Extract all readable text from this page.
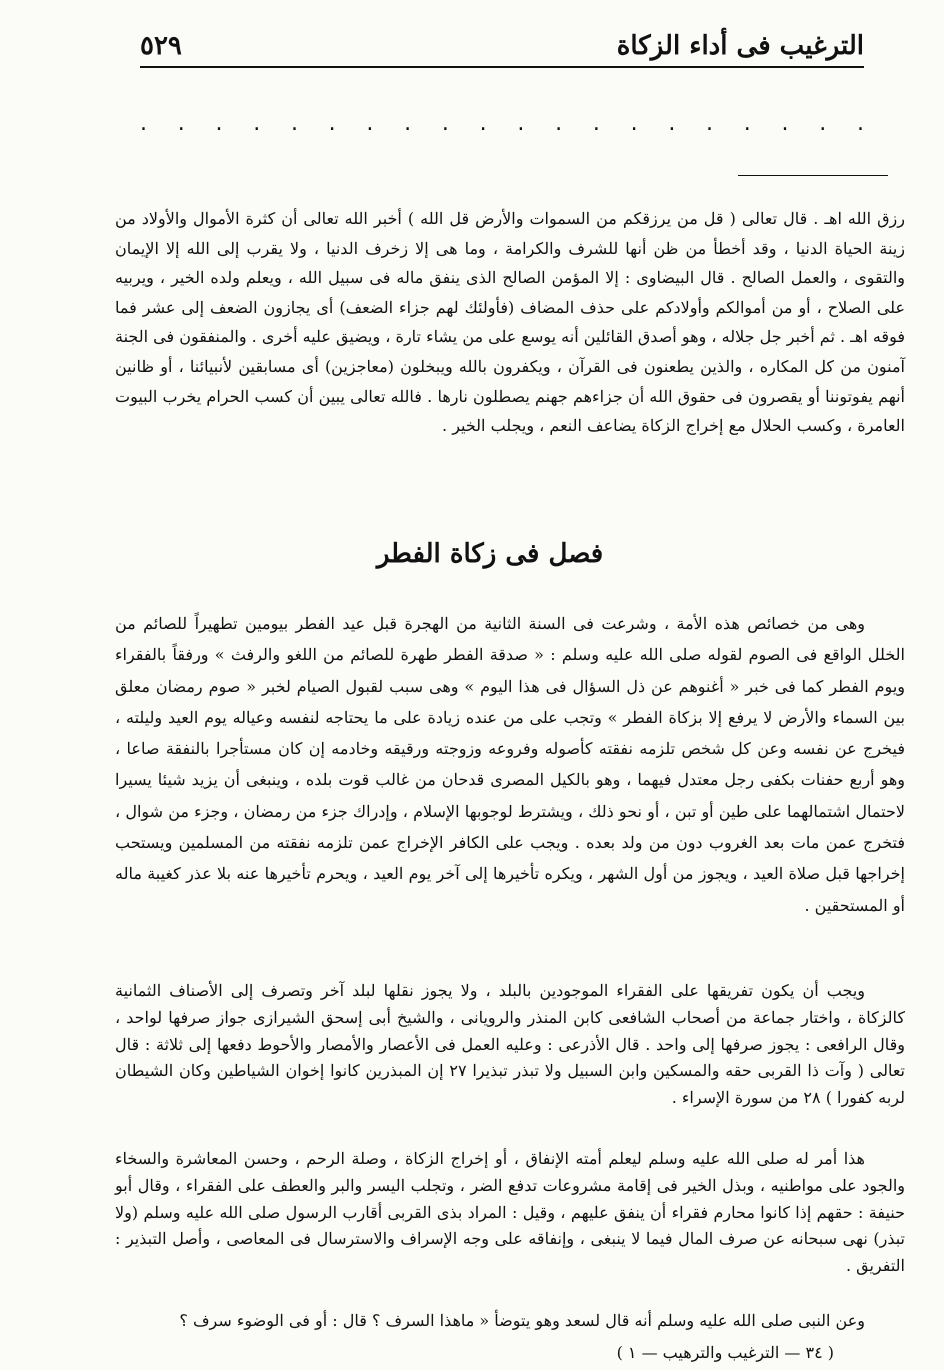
الترغيب فى أداء الزكاة
٥٢٩
. . . . . . . . . . . . . . . . . . . .

رزق الله اهـ . قال تعالى ( قل من يرزقكم من السموات والأرض قل الله ) أخبر الله تعالى أن كثرة الأموال والأولاد من زينة الحياة الدنيا ، وقد أخطأ من ظن أنها للشرف والكرامة ، وما هى إلا زخرف الدنيا ، ولا يقرب إلى الله إلا الإيمان والتقوى ، والعمل الصالح . قال البيضاوى : إلا المؤمن الصالح الذى ينفق ماله فى سبيل الله ، ويعلم ولده الخير ، ويربيه على الصلاح ، أو من أموالكم وأولادكم على حذف المضاف (فأولئك لهم جزاء الضعف) أى يجازون الضعف إلى عشر فما فوقه اهـ . ثم أخبر جل جلاله ، وهو أصدق القائلين أنه يوسع على من يشاء تارة ، ويضيق عليه أخرى . والمنفقون فى الجنة آمنون من كل المكاره ، والذين يطعنون فى القرآن ، ويكفرون بالله ويبخلون (معاجزين) أى مسابقين لأنبيائنا ، أو ظانين أنهم يفوتوننا أو يقصرون فى حقوق الله أن جزاءهم جهنم يصطلون نارها . فالله تعالى يبين أن كسب الحرام يخرب البيوت العامرة ، وكسب الحلال مع إخراج الزكاة يضاعف النعم ، ويجلب الخير .

فصل فى زكاة الفطر

وهى من خصائص هذه الأمة ، وشرعت فى السنة الثانية من الهجرة قبل عيد الفطر بيومين تطهيراً للصائم من الخلل الواقع فى الصوم لقوله صلى الله عليه وسلم : « صدقة الفطر طهرة للصائم من اللغو والرفث » ورفقاً بالفقراء ويوم الفطر كما فى خبر « أغنوهم عن ذل السؤال فى هذا اليوم » وهى سبب لقبول الصيام لخبر « صوم رمضان معلق بين السماء والأرض لا يرفع إلا بزكاة الفطر » وتجب على من عنده زيادة على ما يحتاجه لنفسه وعياله يوم العيد وليلته ، فيخرج عن نفسه وعن كل شخص تلزمه نفقته كأصوله وفروعه وزوجته ورقيقه وخادمه إن كان مستأجرا بالنفقة صاعا ، وهو أربع حفنات بكفى رجل معتدل فيهما ، وهو بالكيل المصرى قدحان من غالب قوت بلده ، وينبغى أن يزيد شيئا يسيرا لاحتمال اشتمالهما على طين أو تبن ، أو نحو ذلك ، ويشترط لوجوبها الإسلام ، وإدراك جزء من رمضان ، وجزء من شوال ، فتخرج عمن مات بعد الغروب دون من ولد بعده . ويجب على الكافر الإخراج عمن تلزمه نفقته من المسلمين ويستحب إخراجها قبل صلاة العيد ، ويجوز من أول الشهر ، ويكره تأخيرها إلى آخر يوم العيد ، ويحرم تأخيرها عنه بلا عذر كغيبة ماله أو المستحقين .

ويجب أن يكون تفريقها على الفقراء الموجودين بالبلد ، ولا يجوز نقلها لبلد آخر وتصرف إلى الأصناف الثمانية كالزكاة ، واختار جماعة من أصحاب الشافعى كابن المنذر والرويانى ، والشيخ أبى إسحق الشيرازى جواز صرفها لواحد ، وقال الرافعى : يجوز صرفها إلى واحد . قال الأذرعى : وعليه العمل فى الأعصار والأمصار والأحوط دفعها إلى ثلاثة : قال تعالى ( وآت ذا القربى حقه والمسكين وابن السبيل ولا تبذر تبذيرا ٢٧ إن المبذرين كانوا إخوان الشياطين وكان الشيطان لربه كفورا ) ٢٨ من سورة الإسراء .

هذا أمر له صلى الله عليه وسلم ليعلم أمته الإنفاق ، أو إخراج الزكاة ، وصلة الرحم ، وحسن المعاشرة والسخاء والجود على مواطنيه ، وبذل الخير فى إقامة مشروعات تدفع الضر ، وتجلب اليسر والبر والعطف على الفقراء ، وقال أبو حنيفة : حقهم إذا كانوا محارم فقراء أن ينفق عليهم ، وقيل : المراد بذى القربى أقارب الرسول صلى الله عليه وسلم (ولا تبذر) نهى سبحانه عن صرف المال فيما لا ينبغى ، وإنفاقه على وجه الإسراف والاسترسال فى المعاصى ، وأصل التبذير : التفريق .

وعن النبى صلى الله عليه وسلم أنه قال لسعد وهو يتوضأ « ماهذا السرف ؟ قال : أو فى الوضوء سرف ؟

( ٣٤ — الترغيب والترهيب — ١ )
